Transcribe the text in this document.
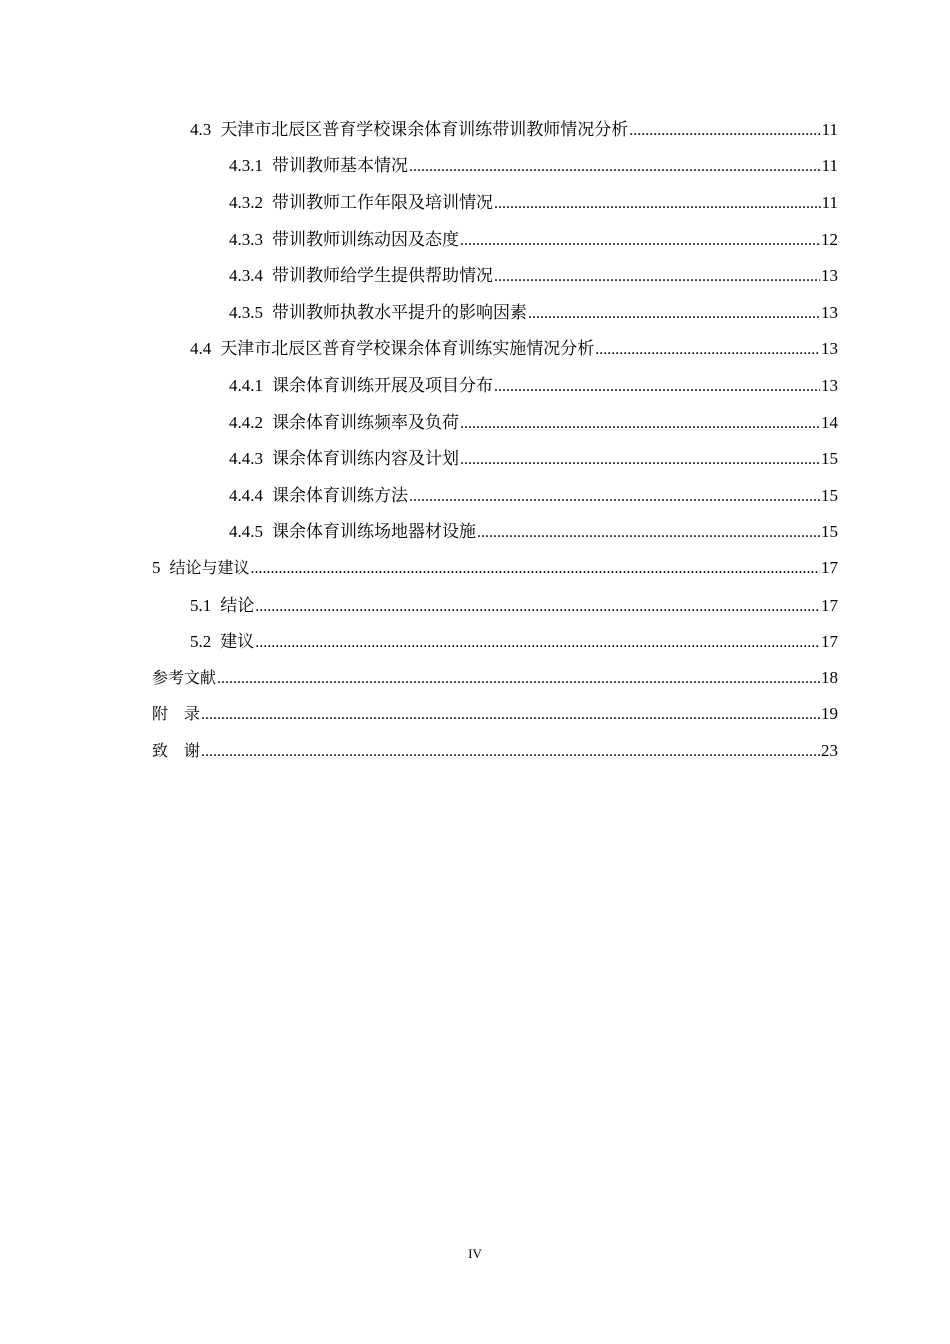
4.3 天津市北辰区普育学校课余体育训练带训教师情况分析 .....	11
4.3.1 带训教师基本情况 .....	11
4.3.2 带训教师工作年限及培训情况 .....	11
4.3.3 带训教师训练动因及态度 .....	12
4.3.4 带训教师给学生提供帮助情况 .....	13
4.3.5 带训教师执教水平提升的影响因素 .....	13
4.4 天津市北辰区普育学校课余体育训练实施情况分析 .....	13
4.4.1 课余体育训练开展及项目分布 .....	13
4.4.2 课余体育训练频率及负荷 .....	14
4.4.3 课余体育训练内容及计划 .....	15
4.4.4 课余体育训练方法 .....	15
4.4.5 课余体育训练场地器材设施 .....	15
5 结论与建议 .....	17
5.1 结论 .....	17
5.2 建议 .....	17
参考文献 .....	18
附　录 .....	19
致　谢 .....	23
IV
